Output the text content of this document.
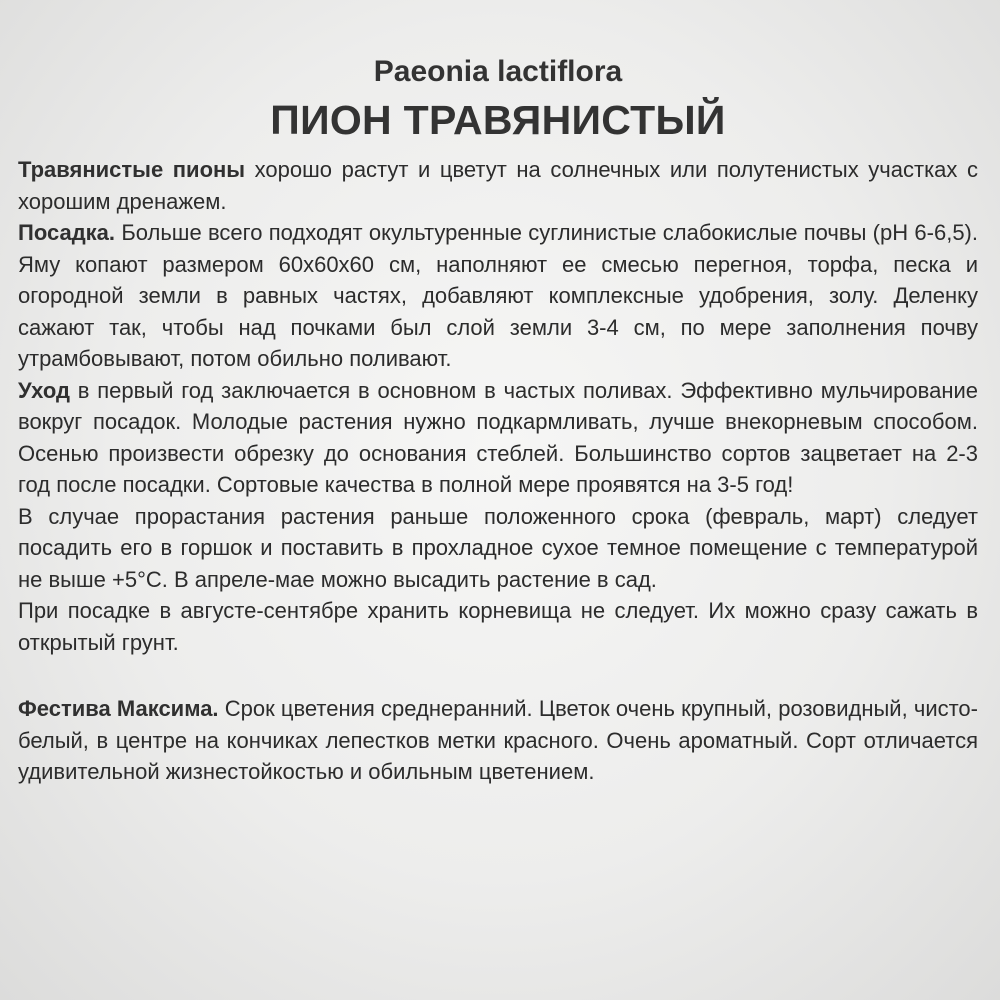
Paeonia lactiflora
ПИОН ТРАВЯНИСТЫЙ

Травянистые пионы хорошо растут и цветут на солнечных или полутенистых участках с хорошим дренажем.

Посадка. Больше всего подходят окультуренные суглинистые слабокислые почвы (pH 6-6,5). Яму копают размером 60х60х60 см, наполняют ее смесью перегноя, торфа, песка и огородной земли в равных частях, добавляют комплексные удобрения, золу. Деленку сажают так, чтобы над почками был слой земли 3-4 см, по мере заполнения почву утрамбовывают, потом обильно поливают.

Уход в первый год заключается в основном в частых поливах. Эффективно мульчирование вокруг посадок. Молодые растения нужно подкармливать, лучше внекорневым способом. Осенью произвести обрезку до основания стеблей. Большинство сортов зацветает на 2-3 год после посадки. Сортовые качества в полной мере проявятся на 3-5 год!

В случае прорастания растения раньше положенного срока (февраль, март) следует посадить его в горшок и поставить в прохладное сухое темное помещение с температурой не выше +5°С. В апреле-мае можно высадить растение в сад.

При посадке в августе-сентябре хранить корневища не следует. Их можно сразу сажать в открытый грунт.

Фестива Максима. Срок цветения среднеранний. Цветок очень крупный, розовидный, чисто-белый, в центре на кончиках лепестков метки красного. Очень ароматный. Сорт отличается удивительной жизнестойкостью и обильным цветением.
